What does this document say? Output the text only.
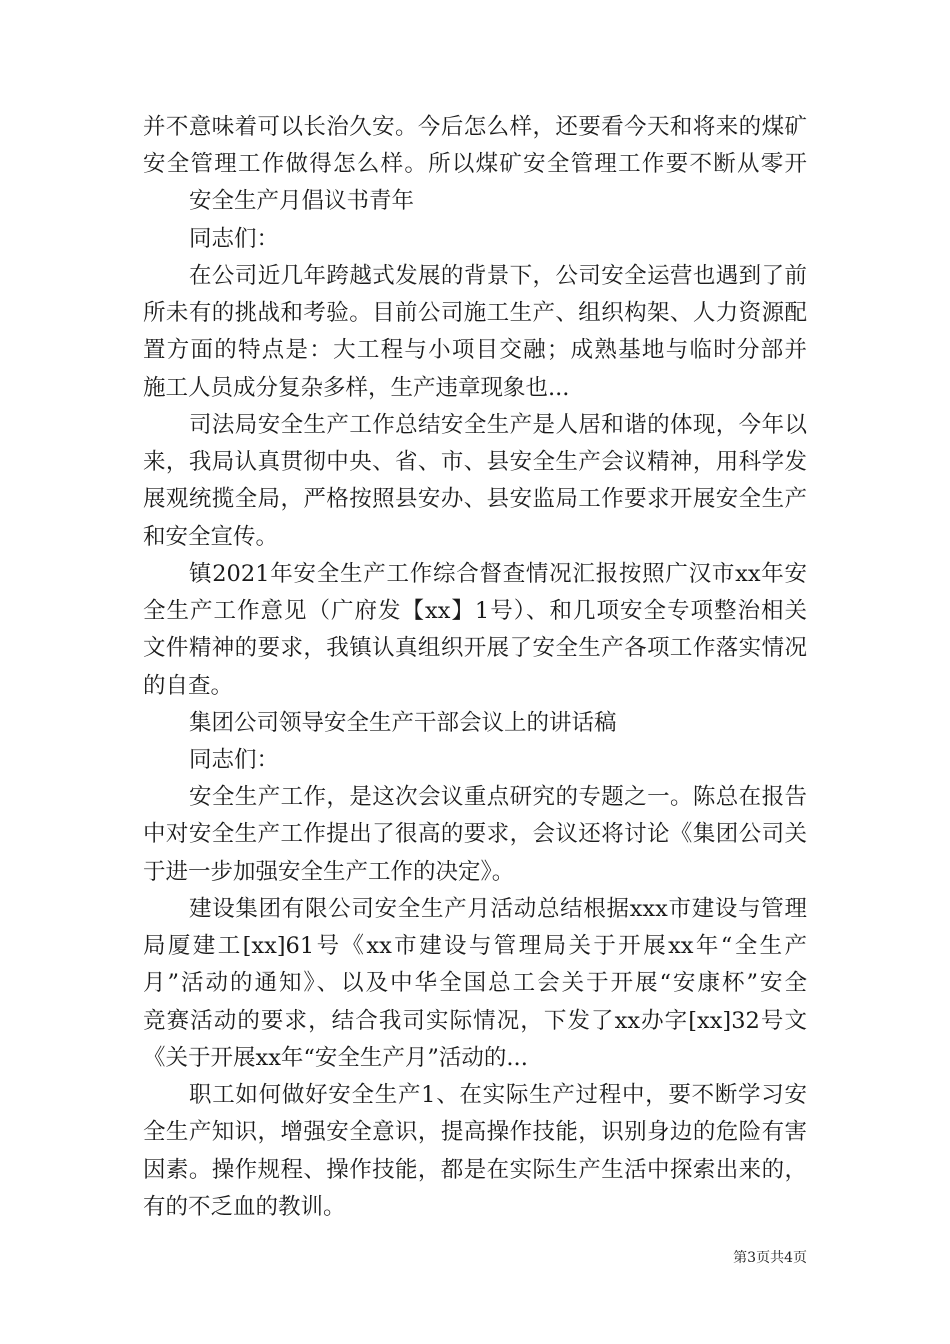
并不意味着可以长治久安。今后怎么样，还要看今天和将来的煤矿
安全管理工作做得怎么样。所以煤矿安全管理工作要不断从零开
安全生产月倡议书青年
同志们：
在公司近几年跨越式发展的背景下，公司安全运营也遇到了前
所未有的挑战和考验。目前公司施工生产、组织构架、人力资源配
置方面的特点是：大工程与小项目交融；成熟基地与临时分部并
施工人员成分复杂多样，生产违章现象也...
司法局安全生产工作总结安全生产是人居和谐的体现，今年以
来，我局认真贯彻中央、省、市、县安全生产会议精神，用科学发
展观统揽全局，严格按照县安办、县安监局工作要求开展安全生产
和安全宣传。
镇2021年安全生产工作综合督查情况汇报按照广汉市xx年安
全生产工作意见（广府发【xx】1号）、和几项安全专项整治相关
文件精神的要求，我镇认真组织开展了安全生产各项工作落实情况
的自查。
集团公司领导安全生产干部会议上的讲话稿
同志们：
安全生产工作，是这次会议重点研究的专题之一。陈总在报告
中对安全生产工作提出了很高的要求，会议还将讨论《集团公司关
于进一步加强安全生产工作的决定》。
建设集团有限公司安全生产月活动总结根据xxx市建设与管理
局厦建工[xx]61号《xx市建设与管理局关于开展xx年“全生产
月”活动的通知》、以及中华全国总工会关于开展“安康杯”安全
竞赛活动的要求，结合我司实际情况，下发了xx办字[xx]32号文
《关于开展xx年“安全生产月”活动的...
职工如何做好安全生产1、在实际生产过程中，要不断学习安
全生产知识，增强安全意识，提高操作技能，识别身边的危险有害
因素。操作规程、操作技能，都是在实际生产生活中探索出来的，
有的不乏血的教训。
第3页共4页
